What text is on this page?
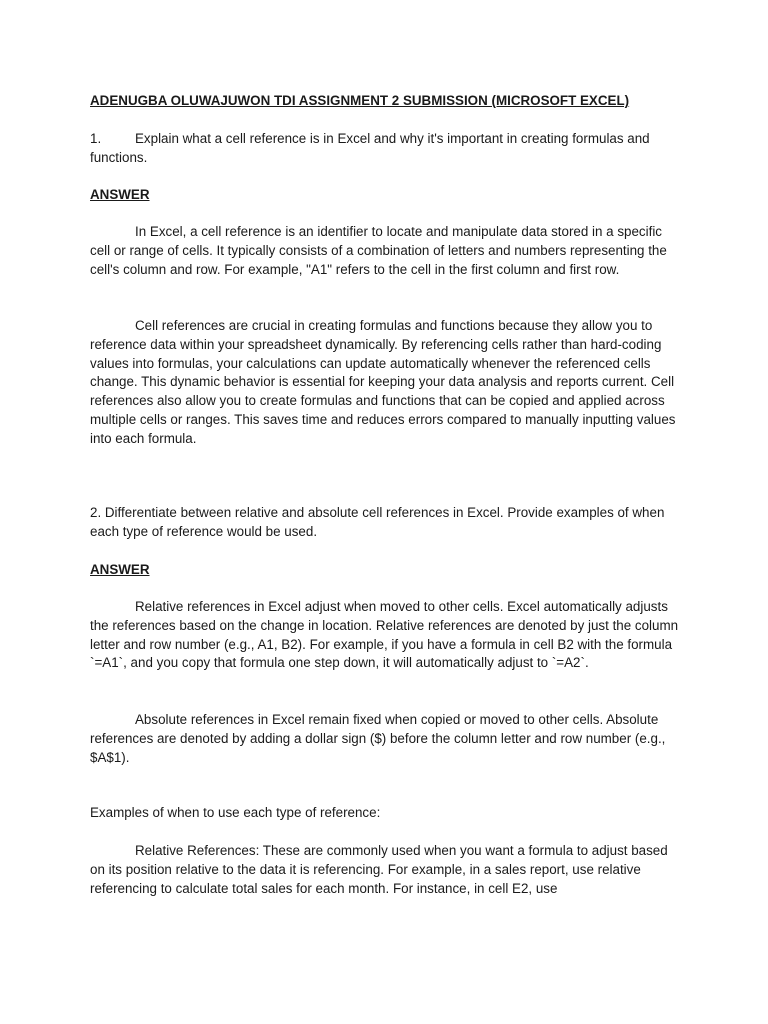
ADENUGBA OLUWAJUWON TDI ASSIGNMENT 2 SUBMISSION (MICROSOFT EXCEL)

1.	Explain what a cell reference is in Excel and why it's important in creating formulas and functions.

ANSWER

In Excel, a cell reference is an identifier to locate and manipulate data stored in a specific cell or range of cells. It typically consists of a combination of letters and numbers representing the cell's column and row. For example, "A1" refers to the cell in the first column and first row.

Cell references are crucial in creating formulas and functions because they allow you to reference data within your spreadsheet dynamically. By referencing cells rather than hard-coding values into formulas, your calculations can update automatically whenever the referenced cells change. This dynamic behavior is essential for keeping your data analysis and reports current. Cell references also allow you to create formulas and functions that can be copied and applied across multiple cells or ranges. This saves time and reduces errors compared to manually inputting values into each formula.

2. Differentiate between relative and absolute cell references in Excel. Provide examples of when each type of reference would be used.

ANSWER

Relative references in Excel adjust when moved to other cells. Excel automatically adjusts the references based on the change in location. Relative references are denoted by just the column letter and row number (e.g., A1, B2). For example, if you have a formula in cell B2 with the formula `=A1`, and you copy that formula one step down, it will automatically adjust to `=A2`.

Absolute references in Excel remain fixed when copied or moved to other cells. Absolute references are denoted by adding a dollar sign ($) before the column letter and row number (e.g., $A$1).

Examples of when to use each type of reference:

Relative References: These are commonly used when you want a formula to adjust based on its position relative to the data it is referencing. For example, in a sales report, use relative referencing to calculate total sales for each month. For instance, in cell E2, use
